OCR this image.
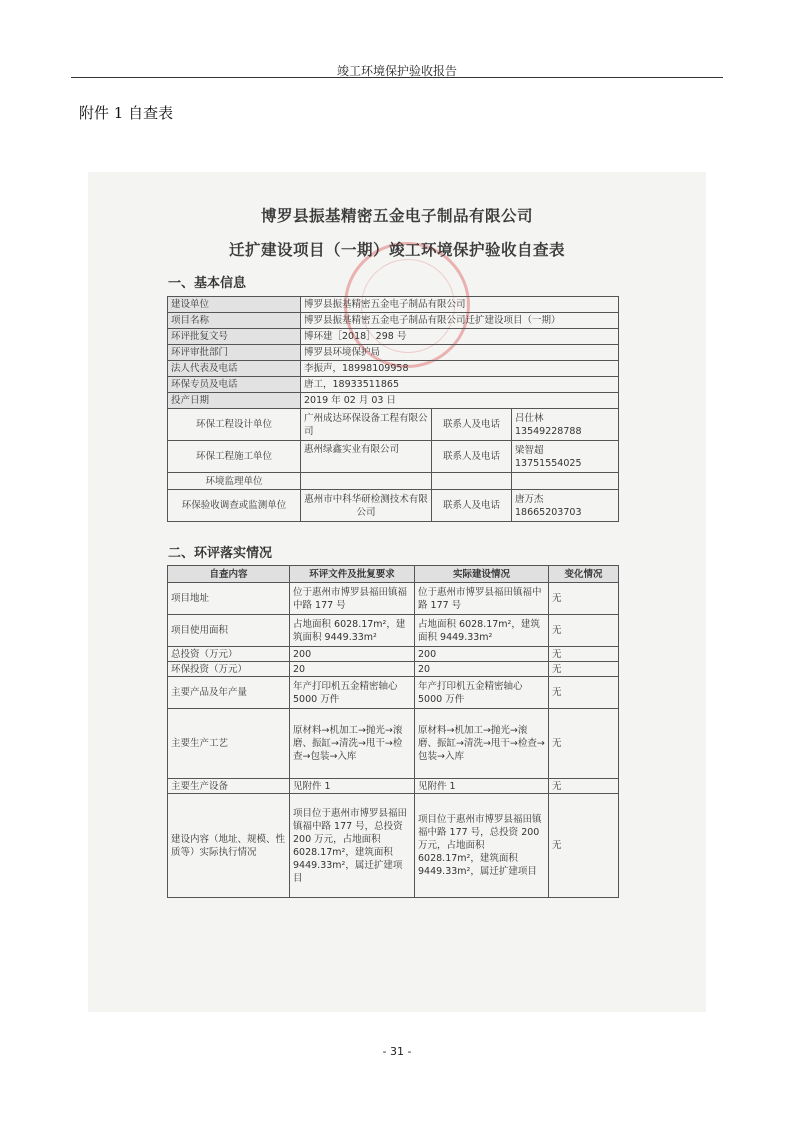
竣工环境保护验收报告
附件 1 自查表
博罗县振基精密五金电子制品有限公司
迁扩建设项目（一期）竣工环境保护验收自查表
一、基本信息
建设单位	博罗县振基精密五金电子制品有限公司		
项目名称	博罗县振基精密五金电子制品有限公司迁扩建设项目（一期）		
环评批复文号	博环建［2018］298 号		
环评审批部门	博罗县环境保护局		
法人代表及电话	李振声，18998109958		
环保专员及电话	唐工，18933511865		
投产日期	2019 年 02 月 03 日		
环保工程设计单位	广州成达环保设备工程有限公司	联系人及电话	吕仕林
13549228788

环保工程施工单位	惠州绿鑫实业有限公司	联系人及电话	梁智超
13751554025

环境监理单位			
环保验收调查或监测单位	惠州市中科华研检测技术有限公司	联系人及电话	唐万杰
18665203703
二、环评落实情况
自查内容	环评文件及批复要求	实际建设情况	变化情况
项目地址	位于惠州市博罗县福田镇福中路 177 号	位于惠州市博罗县福田镇福中路 177 号	无
项目使用面积	占地面积 6028.17m²，建筑面积 9449.33m²	占地面积 6028.17m²，建筑面积 9449.33m²	无
总投资（万元）	200	200	无
环保投资（万元）	20	20	无
主要产品及年产量	年产打印机五金精密轴心 5000 万件	年产打印机五金精密轴心 5000 万件	无
主要生产工艺	原材料→机加工→抛光→滚磨、振缸→清洗→甩干→检查→包装→入库	原材料→机加工→抛光→滚磨、振缸→清洗→甩干→检查→包装→入库	无
主要生产设备	见附件 1	见附件 1	无
建设内容（地址、规模、性质等）实际执行情况	项目位于惠州市博罗县福田镇福中路 177 号，总投资 200 万元，占地面积 6028.17m²，建筑面积 9449.33m²，属迁扩建项目	项目位于惠州市博罗县福田镇福中路 177 号，总投资 200 万元，占地面积 6028.17m²，建筑面积 9449.33m²，属迁扩建项目	无
- 31 -
